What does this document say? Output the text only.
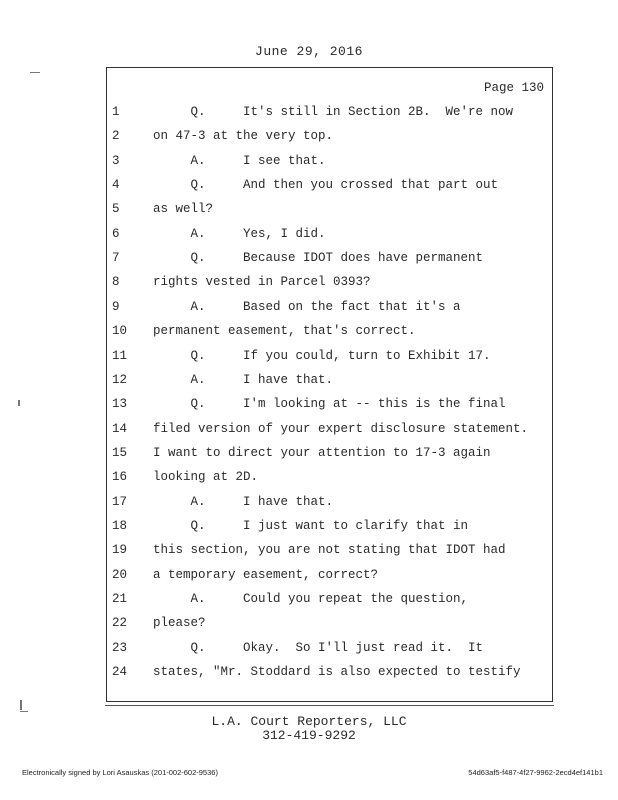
June 29, 2016
Page 130
1	Q.     It's still in Section 2B.  We're now
2	on 47-3 at the very top.
3	A.     I see that.
4	Q.     And then you crossed that part out
5	as well?
6	A.     Yes, I did.
7	Q.     Because IDOT does have permanent
8	rights vested in Parcel 0393?
9	A.     Based on the fact that it's a
10	permanent easement, that's correct.
11	Q.     If you could, turn to Exhibit 17.
12	A.     I have that.
13	Q.     I'm looking at -- this is the final
14	filed version of your expert disclosure statement.
15	I want to direct your attention to 17-3 again
16	looking at 2D.
17	A.     I have that.
18	Q.     I just want to clarify that in
19	this section, you are not stating that IDOT had
20	a temporary easement, correct?
21	A.     Could you repeat the question,
22	please?
23	Q.     Okay.  So I'll just read it.  It
24	states, "Mr. Stoddard is also expected to testify
L.A. Court Reporters, LLC
312-419-9292
Electronically signed by Lori Asauskas (201-002-602-9536)	54d63af5-f487-4f27-9962-2ecd4ef141b1
